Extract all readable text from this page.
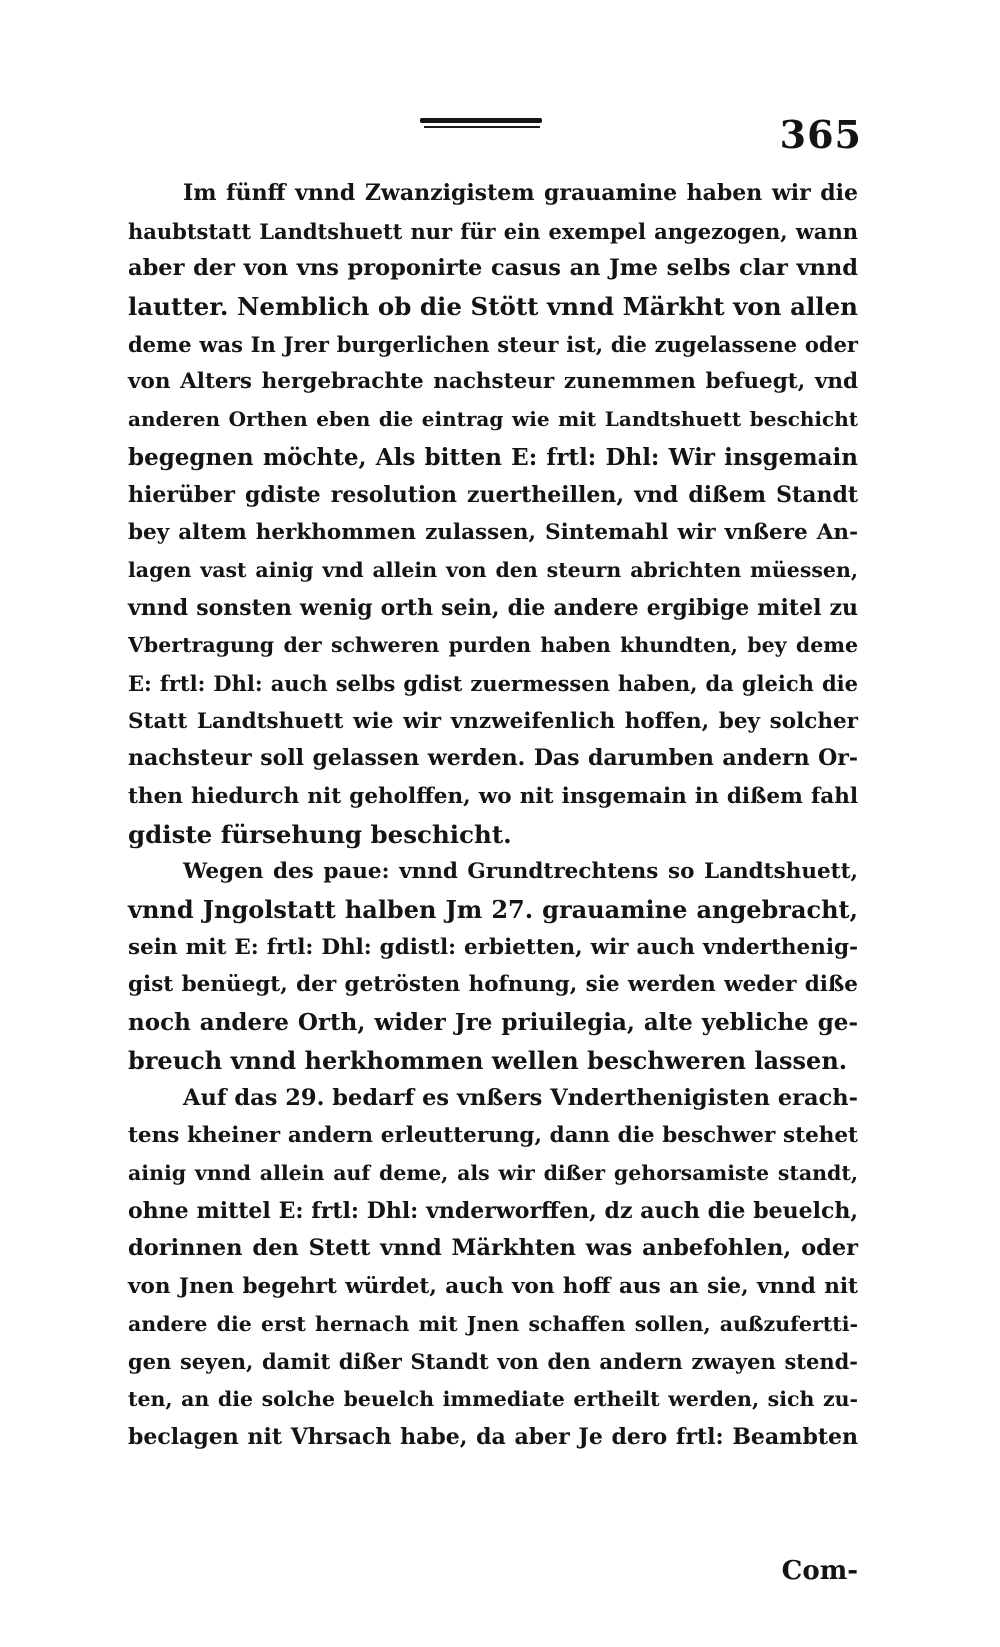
365
Im fünff vnnd Zwanzigistem grauamine haben wir die
haubtstatt Landtshuett nur für ein exempel angezogen, wann
aber der von vns proponirte casus an Jme selbs clar vnnd
lautter. Nemblich ob die Stött vnnd Märkht von allen
deme was In Jrer burgerlichen steur ist, die zugelassene oder
von Alters hergebrachte nachsteur zunemmen befuegt, vnd
anderen Orthen eben die eintrag wie mit Landtshuett beschicht
begegnen möchte, Als bitten E: frtl: Dhl: Wir insgemain
hierüber gdiste resolution zuertheillen, vnd dißem Standt
bey altem herkhommen zulassen, Sintemahl wir vnßere An-
lagen vast ainig vnd allein von den steurn abrichten müessen,
vnnd sonsten wenig orth sein, die andere ergibige mitel zu
Vbertragung der schweren purden haben khundten, bey deme
E: frtl: Dhl: auch selbs gdist zuermessen haben, da gleich die
Statt Landtshuett wie wir vnzweifenlich hoffen, bey solcher
nachsteur soll gelassen werden. Das darumben andern Or-
then hiedurch nit geholffen, wo nit insgemain in dißem fahl
gdiste fürsehung beschicht.
Wegen des paue: vnnd Grundtrechtens so Landtshuett,
vnnd Jngolstatt halben Jm 27. grauamine angebracht,
sein mit E: frtl: Dhl: gdistl: erbietten, wir auch vnderthenig-
gist benüegt, der getrösten hofnung, sie werden weder diße
noch andere Orth, wider Jre priuilegia, alte yebliche ge-
breuch vnnd herkhommen wellen beschweren lassen.
Auf das 29. bedarf es vnßers Vnderthenigisten erach-
tens kheiner andern erleutterung, dann die beschwer stehet
ainig vnnd allein auf deme, als wir dißer gehorsamiste standt,
ohne mittel E: frtl: Dhl: vnderworffen, dz auch die beuelch,
dorinnen den Stett vnnd Märkhten was anbefohlen, oder
von Jnen begehrt würdet, auch von hoff aus an sie, vnnd nit
andere die erst hernach mit Jnen schaffen sollen, außzufertti-
gen seyen, damit dißer Standt von den andern zwayen stend-
ten, an die solche beuelch immediate ertheilt werden, sich zu-
beclagen nit Vhrsach habe, da aber Je dero frtl: Beambten
Com-
